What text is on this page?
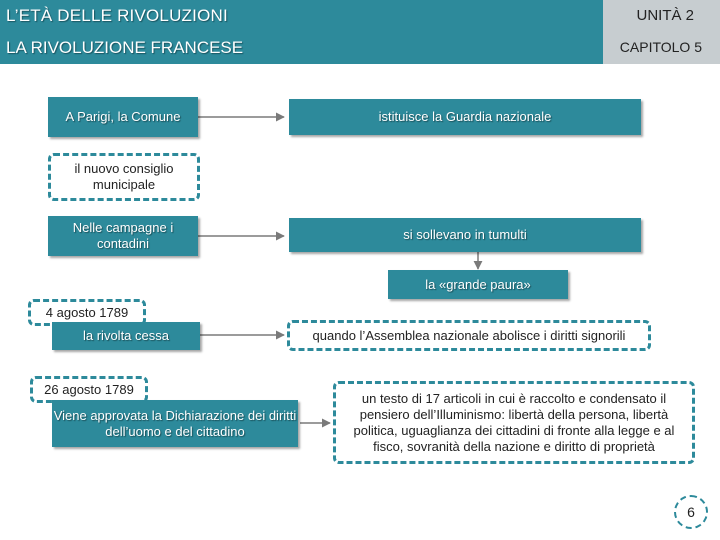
L’ETÀ DELLE RIVOLUZIONI
LA RIVOLUZIONE FRANCESE
UNITÀ 2
CAPITOLO 5
A Parigi, la Comune
il nuovo consiglio municipale
istituisce la Guardia nazionale
Nelle campagne i contadini
si sollevano in tumulti
la «grande paura»
4 agosto 1789
la rivolta cessa	quando l’Assemblea nazionale abolisce i diritti signorili
26 agosto 1789
Viene approvata la Dichiarazione dei diritti dell’uomo e del cittadino
un testo di 17 articoli in cui è raccolto e condensato il pensiero dell’Illuminismo: libertà della persona, libertà politica, uguaglianza dei cittadini di fronte alla legge e al fisco, sovranità della nazione e diritto di proprietà
6
